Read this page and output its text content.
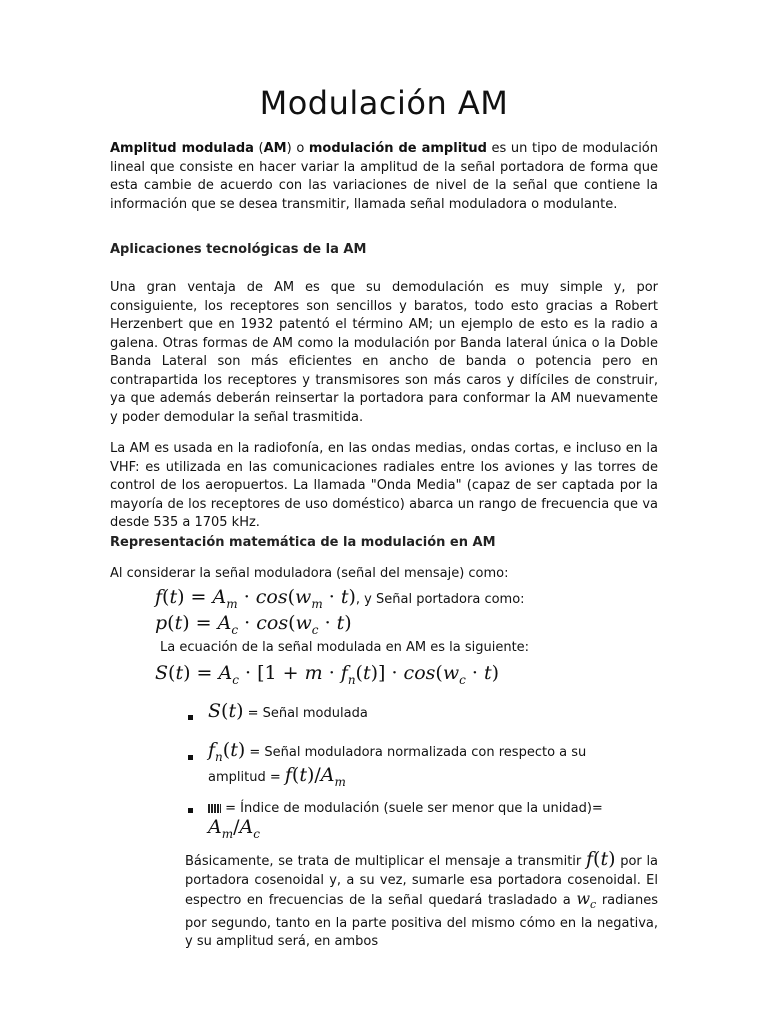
Modulación AM

Amplitud modulada (AM) o modulación de amplitud es un tipo de modulación lineal que consiste en hacer variar la amplitud de la señal portadora de forma que esta cambie de acuerdo con las variaciones de nivel de la señal que contiene la información que se desea transmitir, llamada señal moduladora o modulante.

Aplicaciones tecnológicas de la AM

Una gran ventaja de AM es que su demodulación es muy simple y, por consiguiente, los receptores son sencillos y baratos, todo esto gracias a Robert Herzenbert que en 1932 patentó el término AM; un ejemplo de esto es la radio a galena. Otras formas de AM como la modulación por Banda lateral única o la Doble Banda Lateral son más eficientes en ancho de banda o potencia pero en contrapartida los receptores y transmisores son más caros y difíciles de construir, ya que además deberán reinsertar la portadora para conformar la AM nuevamente y poder demodular la señal trasmitida.

La AM es usada en la radiofonía, en las ondas medias, ondas cortas, e incluso en la VHF: es utilizada en las comunicaciones radiales entre los aviones y las torres de control de los aeropuertos. La llamada "Onda Media" (capaz de ser captada por la mayoría de los receptores de uso doméstico) abarca un rango de frecuencia que va desde 535 a 1705 kHz.

Representación matemática de la modulación en AM

Al considerar la señal moduladora (señal del mensaje) como:

$f(t) = A_m \cdot \cos(w_m \cdot t)$, y Señal portadora como:
$p(t) = A_c \cdot \cos(w_c \cdot t)$

La ecuación de la señal modulada en AM es la siguiente:

$S(t) = A_c \cdot [1 + m \cdot f_n(t)] \cdot \cos(w_c \cdot t)$
S(t) = Señal modulada
$f_n(t)$ = Señal moduladora normalizada con respecto a su
amplitud = $f(t)/A_m$
= Índice de modulación (suele ser menor que la unidad)=
$A_m/A_c$
Básicamente, se trata de multiplicar el mensaje a transmitir f(t) por la portadora cosenoidal y, a su vez, sumarle esa portadora cosenoidal. El espectro en frecuencias de la señal quedará trasladado a $w_c$ radianes por segundo, tanto en la parte positiva del mismo cómo en la negativa, y su amplitud será, en ambos
